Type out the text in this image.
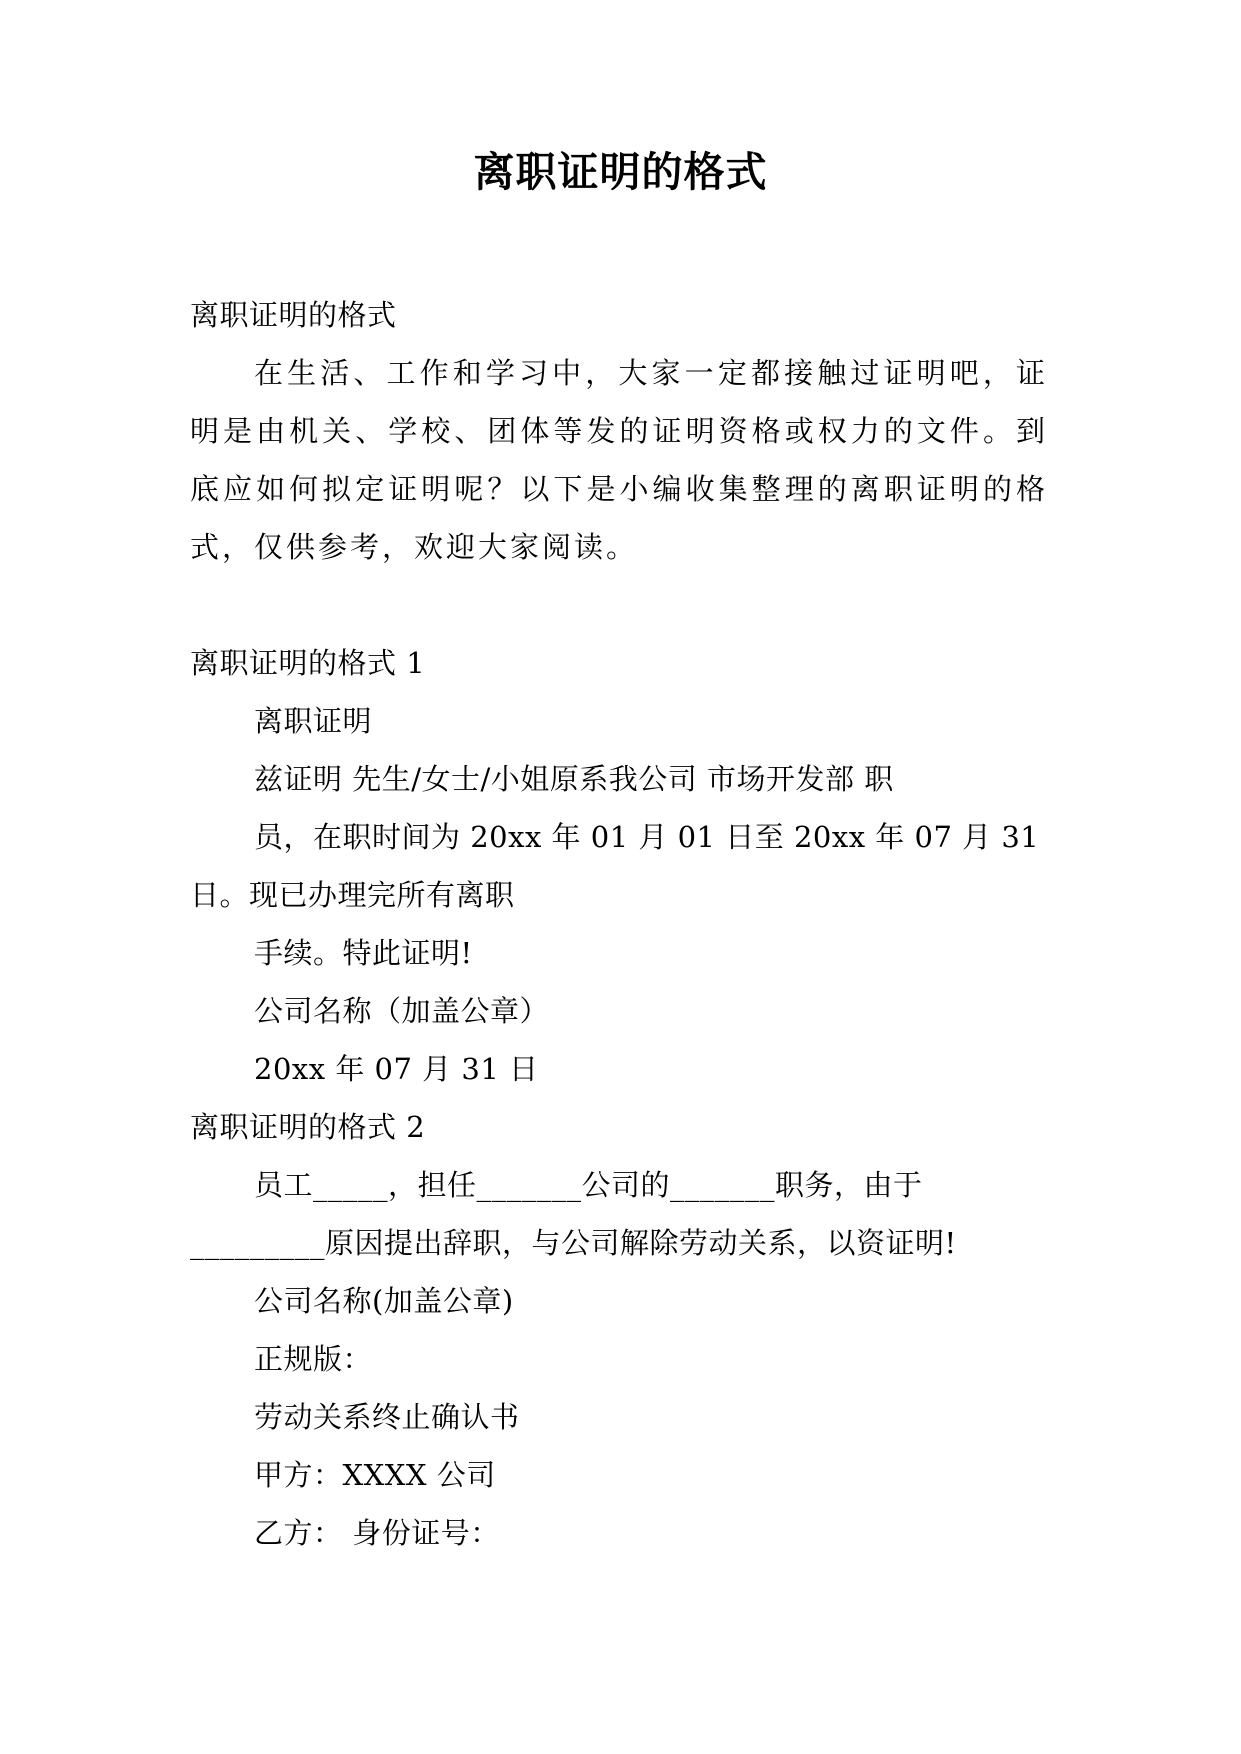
离职证明的格式
离职证明的格式
在生活、工作和学习中，大家一定都接触过证明吧，证明是由机关、学校、团体等发的证明资格或权力的文件。到底应如何拟定证明呢？以下是小编收集整理的离职证明的格式，仅供参考，欢迎大家阅读。
离职证明的格式 1
离职证明
兹证明 先生/女士/小姐原系我公司 市场开发部 职
员，在职时间为 20xx 年 01 月 01 日至 20xx 年 07 月 31
日。现已办理完所有离职
手续。特此证明!
公司名称（加盖公章）
20xx 年 07 月 31 日
离职证明的格式 2
员工_____，担任_______公司的_______职务，由于
_________原因提出辞职，与公司解除劳动关系，以资证明!
公司名称(加盖公章)
正规版：
劳动关系终止确认书
甲方：XXXX 公司
乙方： 身份证号：
